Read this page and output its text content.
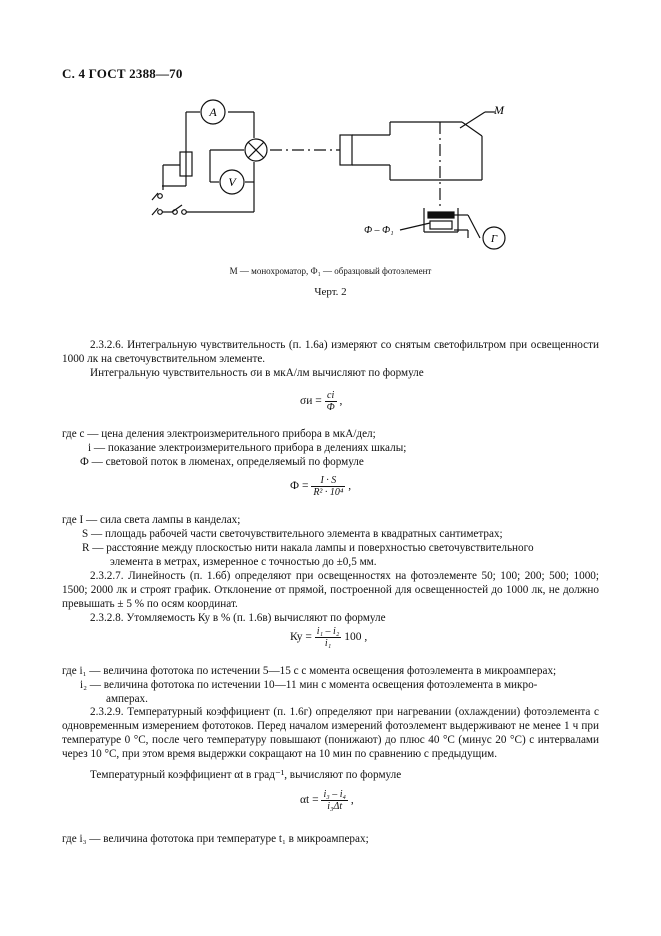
С. 4 ГОСТ 2388—70
A
V
M
Ф – Ф₁
Г
М — монохроматор, Ф₁ — образцовый фотоэлемент
Черт. 2
2.3.2.6. Интегральную чувствительность (п. 1.6а) измеряют со снятым светофильтром при освещенности 1000 лк на светочувствительном элементе.
Интегральную чувствительность σи в мкА/лм вычисляют по формуле
$\sigma и = \frac{ci}{Ф}$ ,
где c — цена деления электроизмерительного прибора в мкА/дел;
i — показание электроизмерительного прибора в делениях шкалы;
Ф — световой поток в люменах, определяемый по формуле
$Ф = \frac{I \cdot S}{\text{R² · 10⁴}}$ ,
где I — сила света лампы в канделах;
S — площадь рабочей части светочувствительного элемента в квадратных сантиметрах;
R — расстояние между плоскостью нити накала лампы и поверхностью светочувствительного
элемента в метрах, измеренное с точностью до ±0,5 мм.
2.3.2.7. Линейность (п. 1.6б) определяют при освещенностях на фотоэлементе 50; 100; 200; 500; 1000; 1500; 2000 лк и строят график. Отклонение от прямой, построенной для освещенностей до 1000 лк, не должно превышать ± 5 % по осям координат.
2.3.2.8. Утомляемость Ку в % (п. 1.6в) вычисляют по формуле
Ку = $\frac{\text{i₁ – i₂}}{\text{i₁}} 100$ ,
где i₁ — величина фототока по истечении 5—15 с с момента освещения фотоэлемента в микроамперах;
i₂ — величина фототока по истечении 10—11 мин с момента освещения фотоэлемента в микро-
амперах.
2.3.2.9. Температурный коэффициент (п. 1.6г) определяют при нагревании (охлаждении) фотоэлемента с одновременным измерением фототоков. Перед началом измерений фотоэлемент выдерживают не менее 1 ч при температуре 0 °С, после чего температуру повышают (понижают) до плюс 40 °С (минус 20 °С) с интервалами через 10 °С, при этом время выдержки сокращают на 10 мин по сравнению с предыдущим.
Температурный коэффициент αt в град⁻¹, вычисляют по формуле
$\alpha t = \frac{\text{i₃ – i₄}}{\text{i₃Δt}}$ ,
где i₃ — величина фототока при температуре t₁ в микроамперах;
